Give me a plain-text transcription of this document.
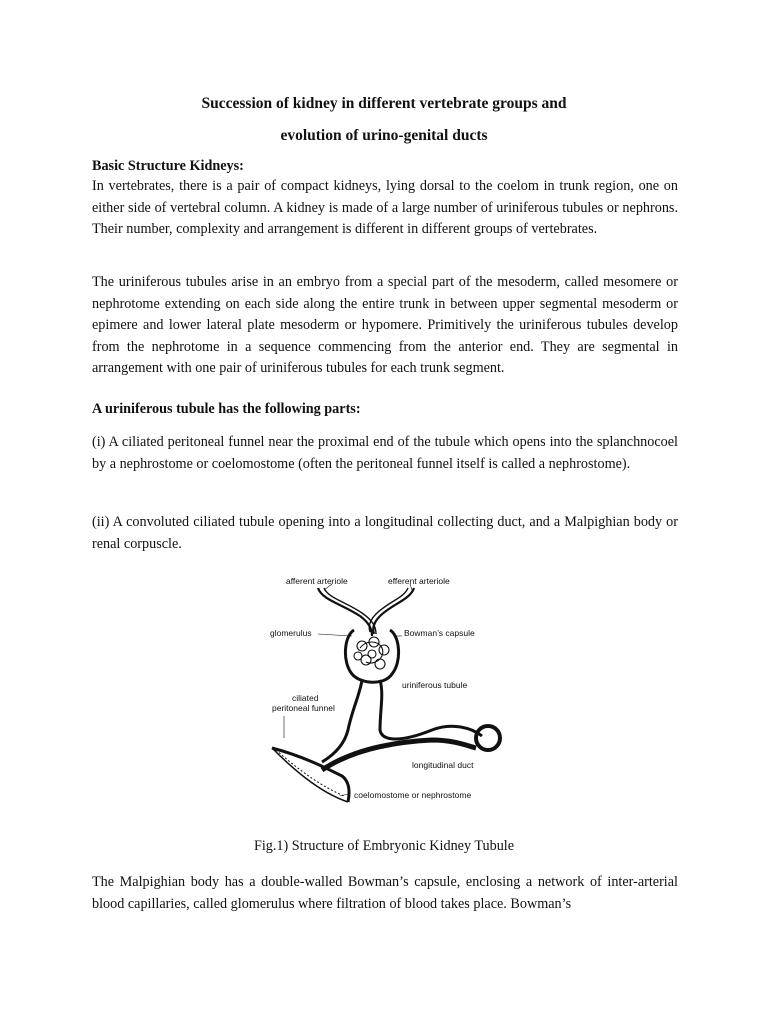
Succession of kidney in different vertebrate groups and

evolution of urino-genital ducts

Basic Structure Kidneys:

In vertebrates, there is a pair of compact kidneys, lying dorsal to the coelom in trunk region, one on either side of vertebral column. A kidney is made of a large number of uriniferous tubules or nephrons. Their number, complexity and arrangement is different in different groups of vertebrates.

The uriniferous tubules arise in an embryo from a special part of the mesoderm, called mesomere or nephrotome extending on each side along the entire trunk in between upper segmental mesoderm or epimere and lower lateral plate mesoderm or hypomere. Primitively the uriniferous tubules develop from the nephrotome in a sequence commencing from the anterior end. They are segmental in arrangement with one pair of uriniferous tubules for each trunk segment.

A uriniferous tubule has the following parts:

(i) A ciliated peritoneal funnel near the proximal end of the tubule which opens into the splanchnocoel by a nephrostome or coelomostome (often the peritoneal funnel itself is called a nephrostome).

(ii) A convoluted ciliated tubule opening into a longitudinal collecting duct, and a Malpighian body or renal corpuscle.

afferent arteriole	efferent arteriole
glomerulus	Bowman’s capsule
uriniferous tubule
ciliated
peritoneal funnel
longitudinal duct
coelomostome or nephrostome

Fig.1) Structure of Embryonic Kidney Tubule

The Malpighian body has a double-walled Bowman’s capsule, enclosing a network of inter-arterial blood capillaries, called glomerulus where filtration of blood takes place. Bowman’s
